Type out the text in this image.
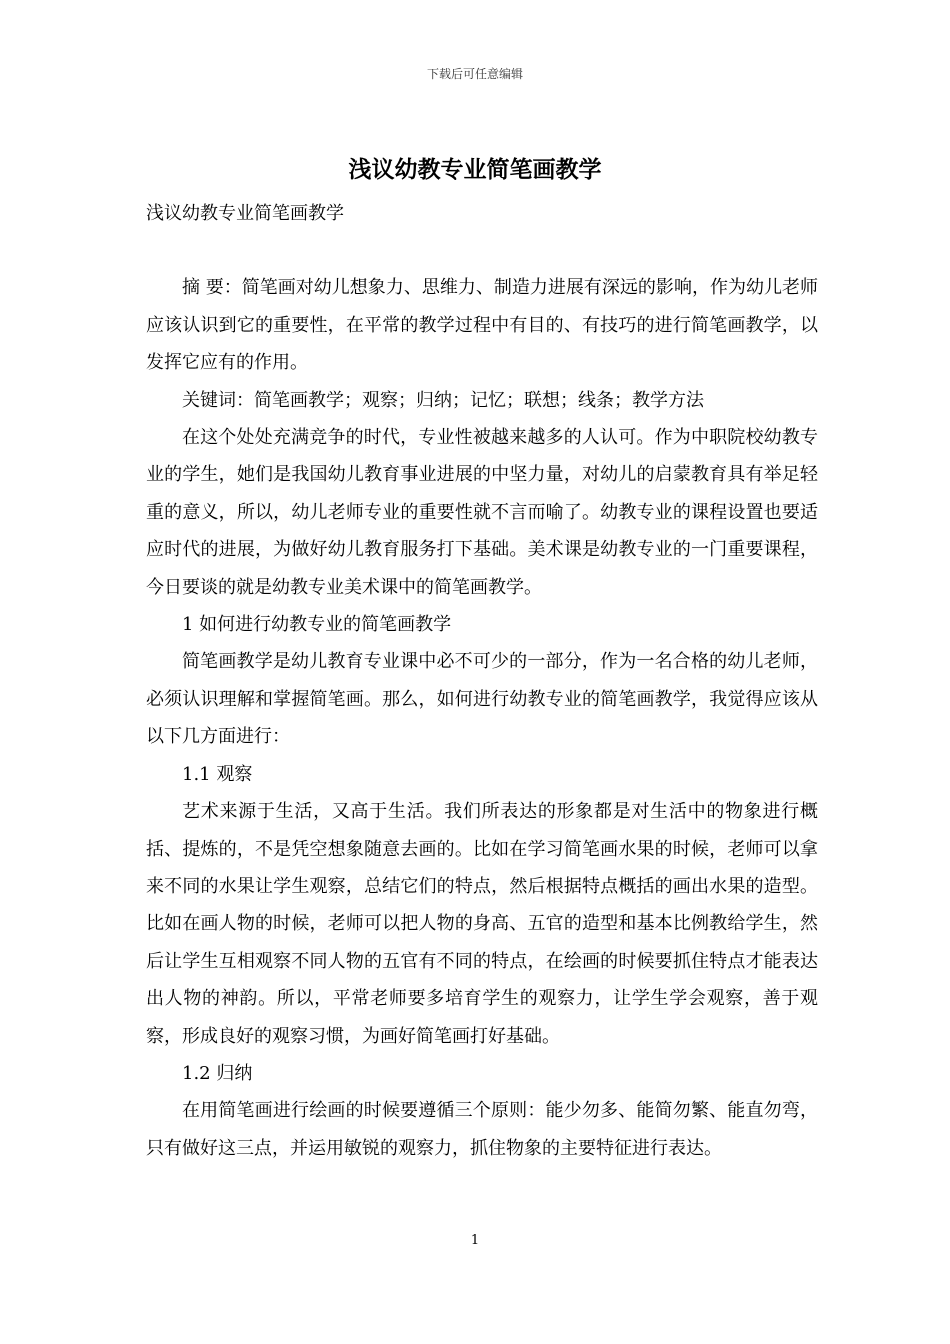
下载后可任意编辑
浅议幼教专业简笔画教学

浅议幼教专业简笔画教学

摘 要：简笔画对幼儿想象力、思维力、制造力进展有深远的影响，作为幼儿老师应该认识到它的重要性，在平常的教学过程中有目的、有技巧的进行简笔画教学，以发挥它应有的作用。

关键词：简笔画教学；观察；归纳；记忆；联想；线条；教学方法

在这个处处充满竞争的时代，专业性被越来越多的人认可。作为中职院校幼教专业的学生，她们是我国幼儿教育事业进展的中坚力量，对幼儿的启蒙教育具有举足轻重的意义，所以，幼儿老师专业的重要性就不言而喻了。幼教专业的课程设置也要适应时代的进展，为做好幼儿教育服务打下基础。美术课是幼教专业的一门重要课程，今日要谈的就是幼教专业美术课中的简笔画教学。

1 如何进行幼教专业的简笔画教学

简笔画教学是幼儿教育专业课中必不可少的一部分，作为一名合格的幼儿老师，必须认识理解和掌握简笔画。那么，如何进行幼教专业的简笔画教学，我觉得应该从以下几方面进行：

1.1 观察

艺术来源于生活，又高于生活。我们所表达的形象都是对生活中的物象进行概括、提炼的，不是凭空想象随意去画的。比如在学习简笔画水果的时候，老师可以拿来不同的水果让学生观察，总结它们的特点，然后根据特点概括的画出水果的造型。比如在画人物的时候，老师可以把人物的身高、五官的造型和基本比例教给学生，然后让学生互相观察不同人物的五官有不同的特点，在绘画的时候要抓住特点才能表达出人物的神韵。所以，平常老师要多培育学生的观察力，让学生学会观察，善于观察，形成良好的观察习惯，为画好简笔画打好基础。

1.2 归纳

在用简笔画进行绘画的时候要遵循三个原则：能少勿多、能简勿繁、能直勿弯，只有做好这三点，并运用敏锐的观察力，抓住物象的主要特征进行表达。

1
